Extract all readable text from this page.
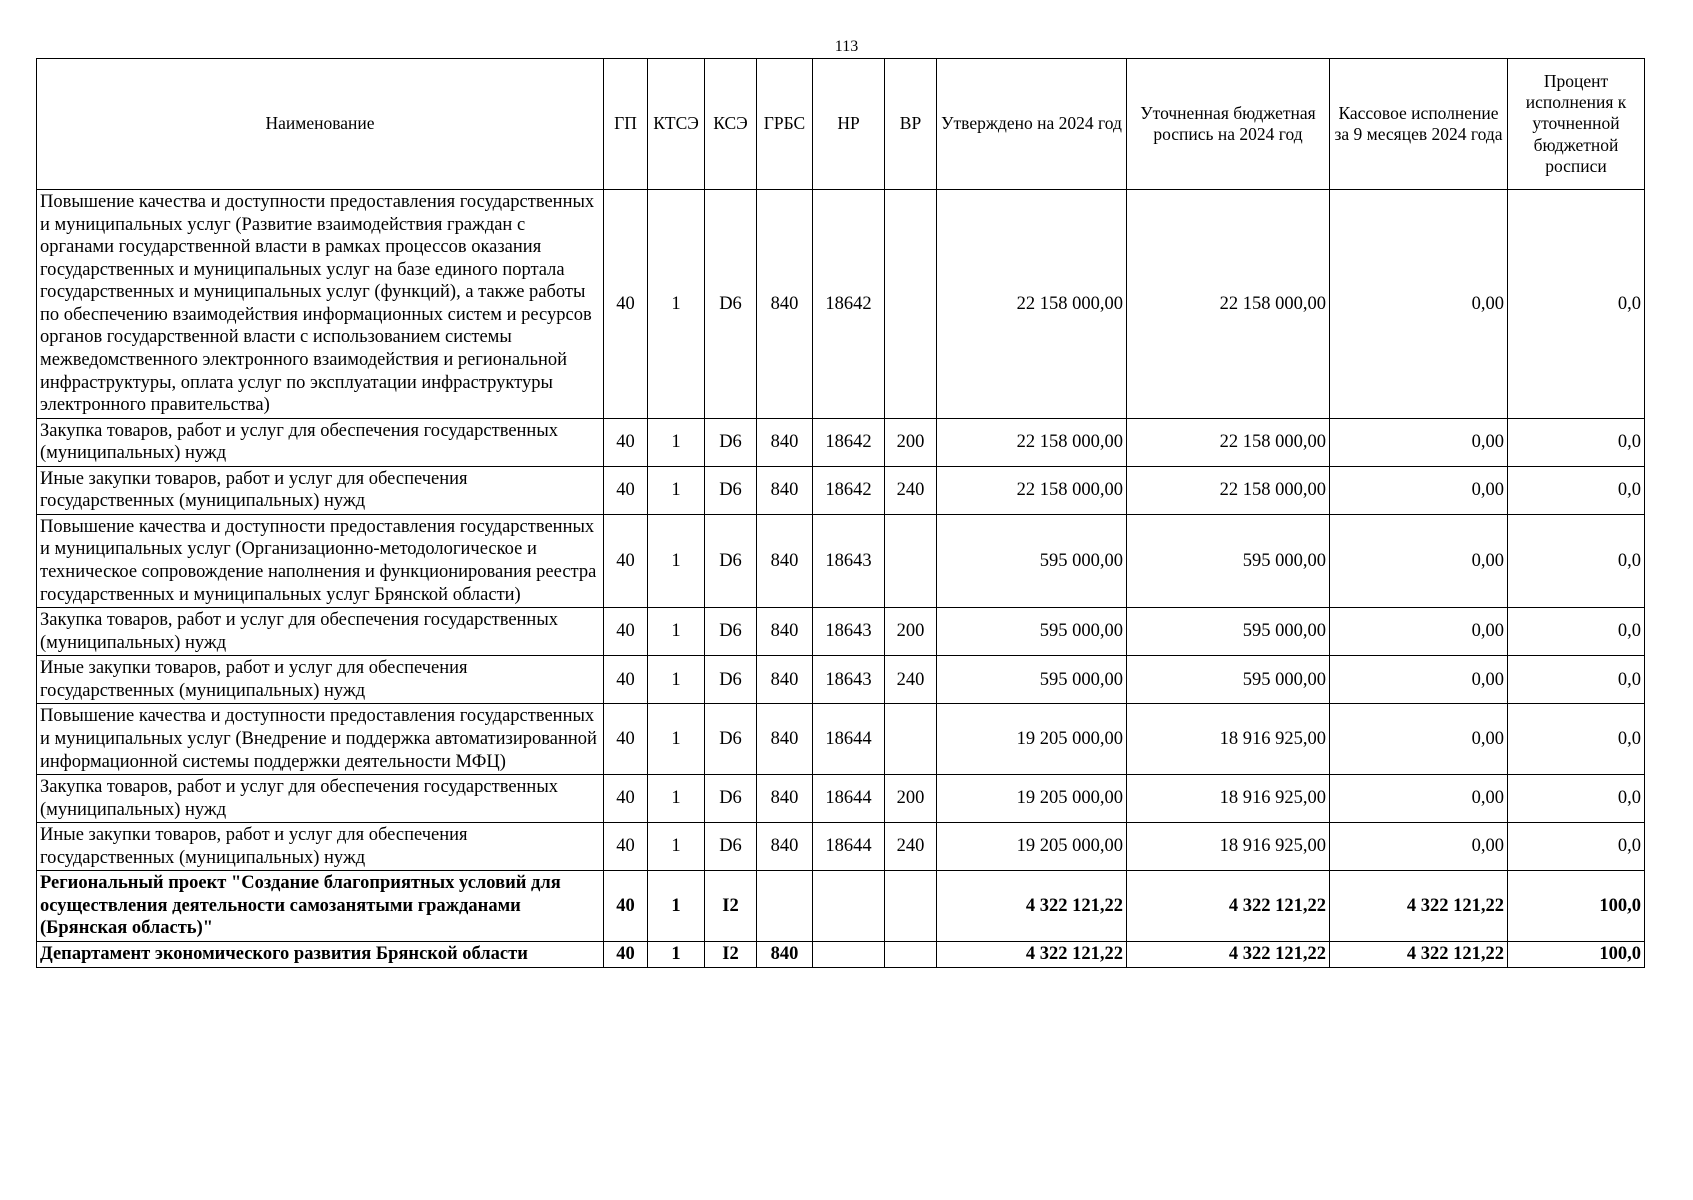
113
Наименование	ГП	КТСЭ	КСЭ	ГРБС	НР	ВР	Утверждено на 2024 год	Уточненная бюджетная роспись на 2024 год	Кассовое исполнение за 9 месяцев 2024 года	Процент исполнения к уточненной бюджетной росписи
Повышение качества и доступности предоставления государственных и муниципальных услуг (Развитие взаимодействия граждан с органами государственной власти в рамках процессов оказания государственных и муниципальных услуг на базе единого портала государственных и муниципальных услуг (функций), а также работы по обеспечению взаимодействия информационных систем и ресурсов органов государственной власти с использованием системы межведомственного электронного взаимодействия и региональной инфраструктуры, оплата услуг по эксплуатации инфраструктуры электронного правительства)	40	1	D6	840	18642		22 158 000,00	22 158 000,00	0,00	0,0
Закупка товаров, работ и услуг для обеспечения государственных (муниципальных) нужд	40	1	D6	840	18642	200	22 158 000,00	22 158 000,00	0,00	0,0
Иные закупки товаров, работ и услуг для обеспечения государственных (муниципальных) нужд	40	1	D6	840	18642	240	22 158 000,00	22 158 000,00	0,00	0,0
Повышение качества и доступности предоставления государственных и муниципальных услуг (Организационно-методологическое и техническое сопровождение наполнения и функционирования реестра государственных и муниципальных услуг Брянской области)	40	1	D6	840	18643		595 000,00	595 000,00	0,00	0,0
Закупка товаров, работ и услуг для обеспечения государственных (муниципальных) нужд	40	1	D6	840	18643	200	595 000,00	595 000,00	0,00	0,0
Иные закупки товаров, работ и услуг для обеспечения государственных (муниципальных) нужд	40	1	D6	840	18643	240	595 000,00	595 000,00	0,00	0,0
Повышение качества и доступности предоставления государственных и муниципальных услуг (Внедрение и поддержка автоматизированной информационной системы поддержки деятельности МФЦ)	40	1	D6	840	18644		19 205 000,00	18 916 925,00	0,00	0,0
Закупка товаров, работ и услуг для обеспечения государственных (муниципальных) нужд	40	1	D6	840	18644	200	19 205 000,00	18 916 925,00	0,00	0,0
Иные закупки товаров, работ и услуг для обеспечения государственных (муниципальных) нужд	40	1	D6	840	18644	240	19 205 000,00	18 916 925,00	0,00	0,0
Региональный проект "Создание благоприятных условий для осуществления деятельности самозанятыми гражданами (Брянская область)"	40	1	I2				4 322 121,22	4 322 121,22	4 322 121,22	100,0
Департамент экономического развития Брянской области	40	1	I2	840			4 322 121,22	4 322 121,22	4 322 121,22	100,0
